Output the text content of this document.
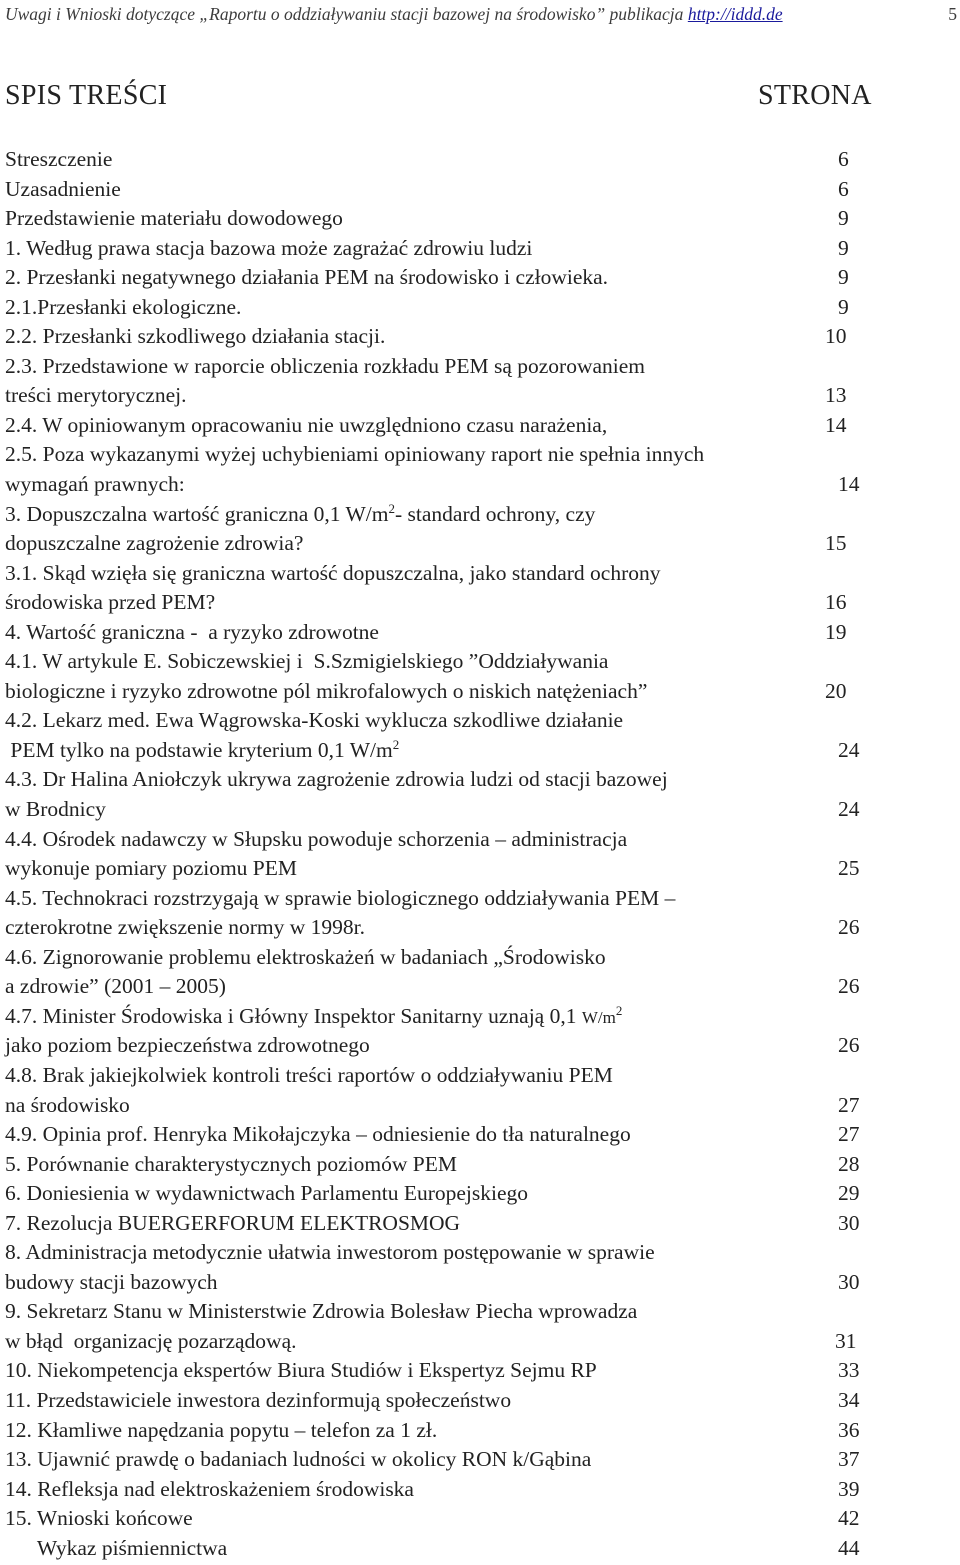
Uwagi i Wnioski dotyczące „Raportu o oddziaływaniu stacji bazowej na środowisko” publikacja http://iddd.de	5
SPIS TREŚCI	STRONA
Streszczenie	6
Uzasadnienie	6
Przedstawienie materiału dowodowego	9
1. Według prawa stacja bazowa może zagrażać zdrowiu ludzi	9
2. Przesłanki negatywnego działania PEM na środowisko i człowieka.	9
2.1.Przesłanki ekologiczne.	9
2.2. Przesłanki szkodliwego działania stacji.	10
2.3. Przedstawione w raporcie obliczenia rozkładu PEM są pozorowaniem
treści merytorycznej.	13
2.4. W opiniowanym opracowaniu nie uwzględniono czasu narażenia,	14
2.5. Poza wykazanymi wyżej uchybieniami opiniowany raport nie spełnia innych
wymagań prawnych:	14
3. Dopuszczalna wartość graniczna 0,1 $W/m^2-$ standard ochrony, czy
dopuszczalne zagrożenie zdrowia?	15
3.1. Skąd wzięła się graniczna wartość dopuszczalna, jako standard ochrony
środowiska przed PEM?	16
4. Wartość graniczna -  a ryzyko zdrowotne	19
4.1. W artykule E. Sobiczewskiej i  S.Szmigielskiego ”Oddziaływania
biologiczne i ryzyko zdrowotne pól mikrofalowych o niskich natężeniach”	20
4.2. Lekarz med. Ewa Wągrowska-Koski wyklucza szkodliwe działanie
PEM tylko na podstawie kryterium 0,1 $W/m^2$	24
4.3. Dr Halina Aniołczyk ukrywa zagrożenie zdrowia ludzi od stacji bazowej
w Brodnicy	24
4.4. Ośrodek nadawczy w Słupsku powoduje schorzenia – administracja
wykonuje pomiary poziomu PEM	25
4.5. Technokraci rozstrzygają w sprawie biologicznego oddziaływania PEM –
czterokrotne zwiększenie normy w 1998r.	26
4.6. Zignorowanie problemu elektroskażeń w badaniach „Środowisko
a zdrowie” (2001 – 2005)	26
4.7. Minister Środowiska i Główny Inspektor Sanitarny uznają 0,1 $W/m^2$
jako poziom bezpieczeństwa zdrowotnego	26
4.8. Brak jakiejkolwiek kontroli treści raportów o oddziaływaniu PEM
na środowisko	27
4.9. Opinia prof. Henryka Mikołajczyka – odniesienie do tła naturalnego	27
5. Porównanie charakterystycznych poziomów PEM	28
6. Doniesienia w wydawnictwach Parlamentu Europejskiego	29
7. Rezolucja BUERGERFORUM ELEKTROSMOG	30
8. Administracja metodycznie ułatwia inwestorom postępowanie w sprawie
budowy stacji bazowych	30
9. Sekretarz Stanu w Ministerstwie Zdrowia Bolesław Piecha wprowadza
w błąd  organizację pozarządową.	31
10. Niekompetencja ekspertów Biura Studiów i Ekspertyz Sejmu RP	33
11. Przedstawiciele inwestora dezinformują społeczeństwo	34
12. Kłamliwe napędzania popytu – telefon za 1 zł.	36
13. Ujawnić prawdę o badaniach ludności w okolicy RON k/Gąbina	37
14. Refleksja nad elektroskażeniem środowiska	39
15. Wnioski końcowe	42
Wykaz piśmiennictwa	44
